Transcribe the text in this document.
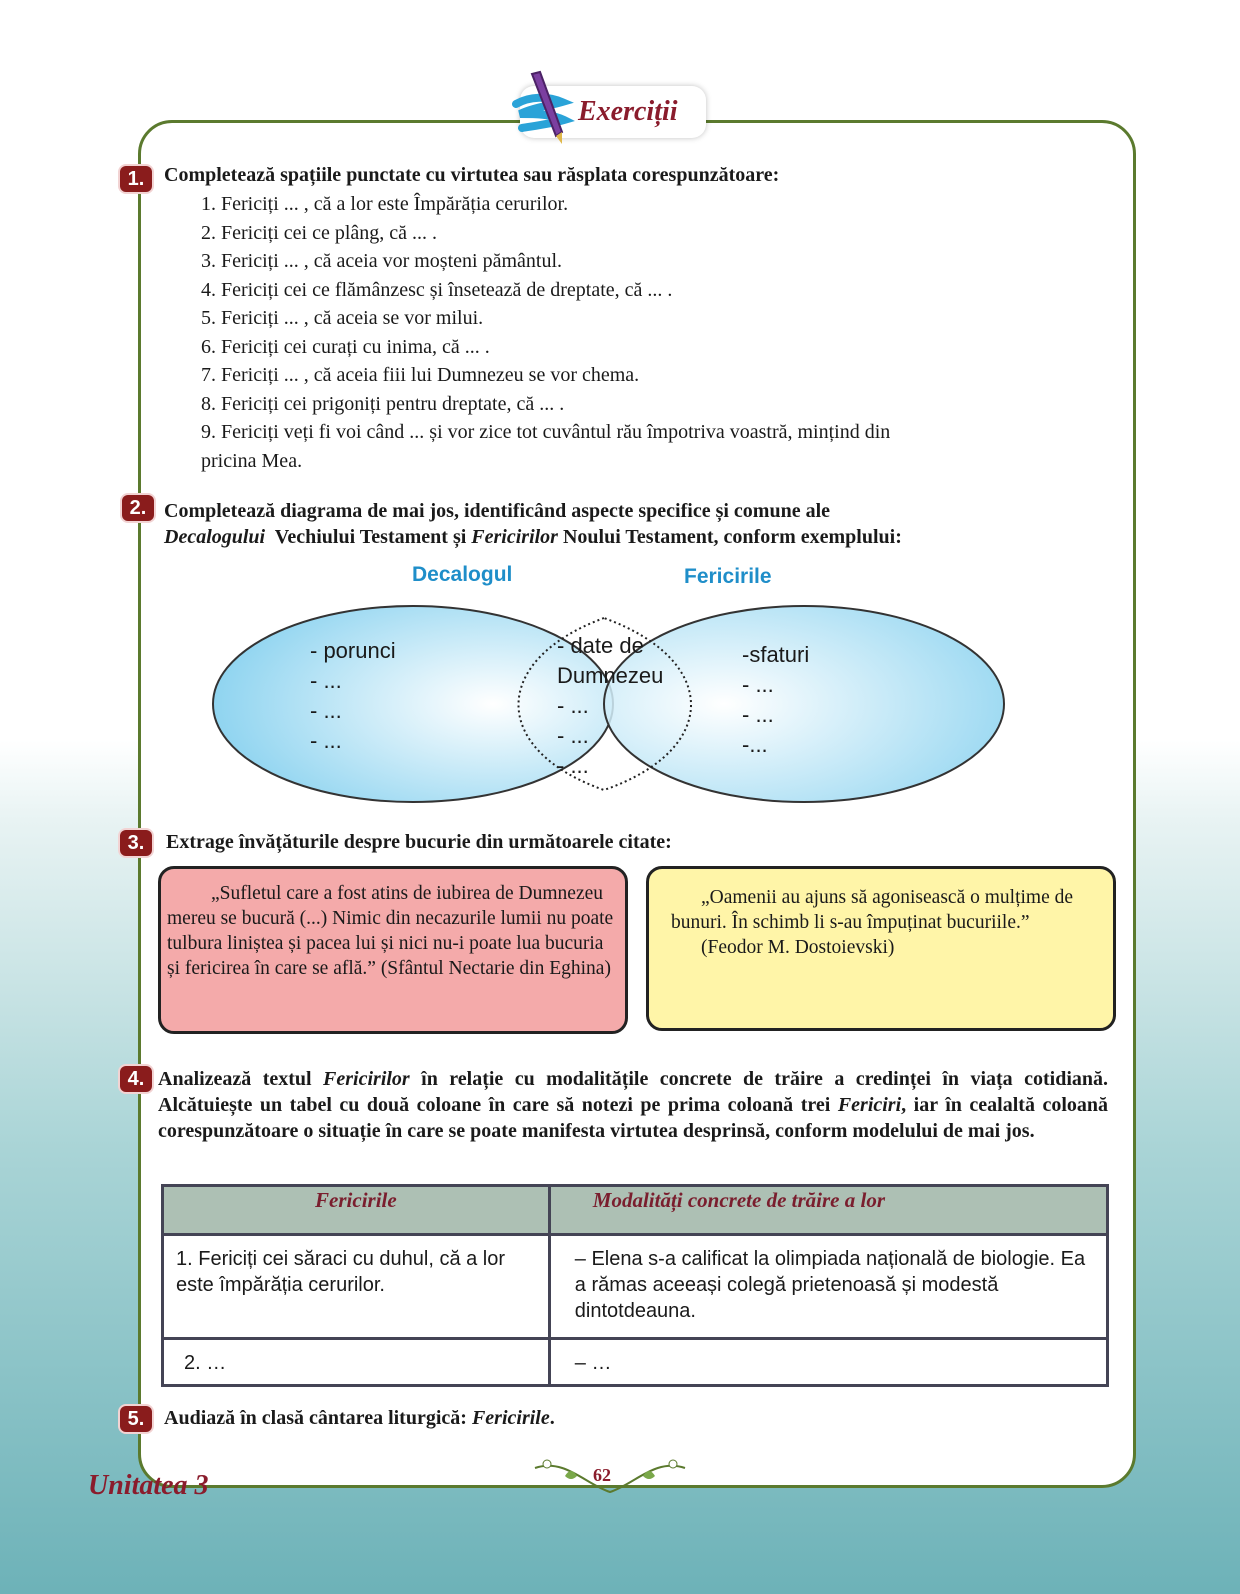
Exerciții
1. Completează spațiile punctate cu virtutea sau răsplata corespunzătoare:
1. Fericiți ... , că a lor este Împărăția cerurilor.
2. Fericiți cei ce plâng, că ... .
3. Fericiți ... , că aceia vor moșteni pământul.
4. Fericiți cei ce flămânzesc și însetează de dreptate, că ... .
5. Fericiți ... , că aceia se vor milui.
6. Fericiți cei curați cu inima, că ... .
7. Fericiți ... , că aceia fiii lui Dumnezeu se vor chema.
8. Fericiți cei prigoniți pentru dreptate, că ... .
9. Fericiți veți fi voi când ... și vor zice tot cuvântul rău împotriva voastră, mințind din
pricina Mea.
2. Completează diagrama de mai jos, identificând aspecte specifice și comune ale
Decalogului  Vechiului Testament și Fericirilor Noului Testament, conform exemplului:
Decalogul	Fericirile
- porunci
- ...
- ...
- ...
- date de
Dumnezeu
- ...
- ...
- ...
-sfaturi
- ...
- ...
-...
3.	Extrage învățăturile despre bucurie din următoarele citate:
„Sufletul care a fost atins de iubirea de Dumnezeu mereu se bucură (...) Nimic din necazurile lumii nu poate tulbura liniștea și pacea lui și nici nu-i poate lua bucuria și fericirea în care se află.” (Sfântul Nectarie din Eghina)
„Oamenii au ajuns să agonisească o mulțime de bunuri. În schimb li s-au împuținat bucuriile.”
(Feodor M. Dostoievski)
4. Analizează textul Fericirilor în relație cu modalitățile concrete de trăire a credinței în viața cotidiană. Alcătuiește un tabel cu două coloane în care să notezi pe prima coloană trei Fericiri, iar în cealaltă coloană corespunzătoare o situație în care se poate manifesta virtutea desprinsă, conform modelului de mai jos.
Fericirile	Modalități concrete de trăire a lor
1. Fericiți cei săraci cu duhul, că a lor este împărăția cerurilor.	– Elena s-a calificat la olimpiada națională de biologie. Ea a rămas aceeași colegă prietenoasă și modestă dintotdeauna.
2. …	– …
5. Audiază în clasă cântarea liturgică: Fericirile.
62
Unitatea 3
